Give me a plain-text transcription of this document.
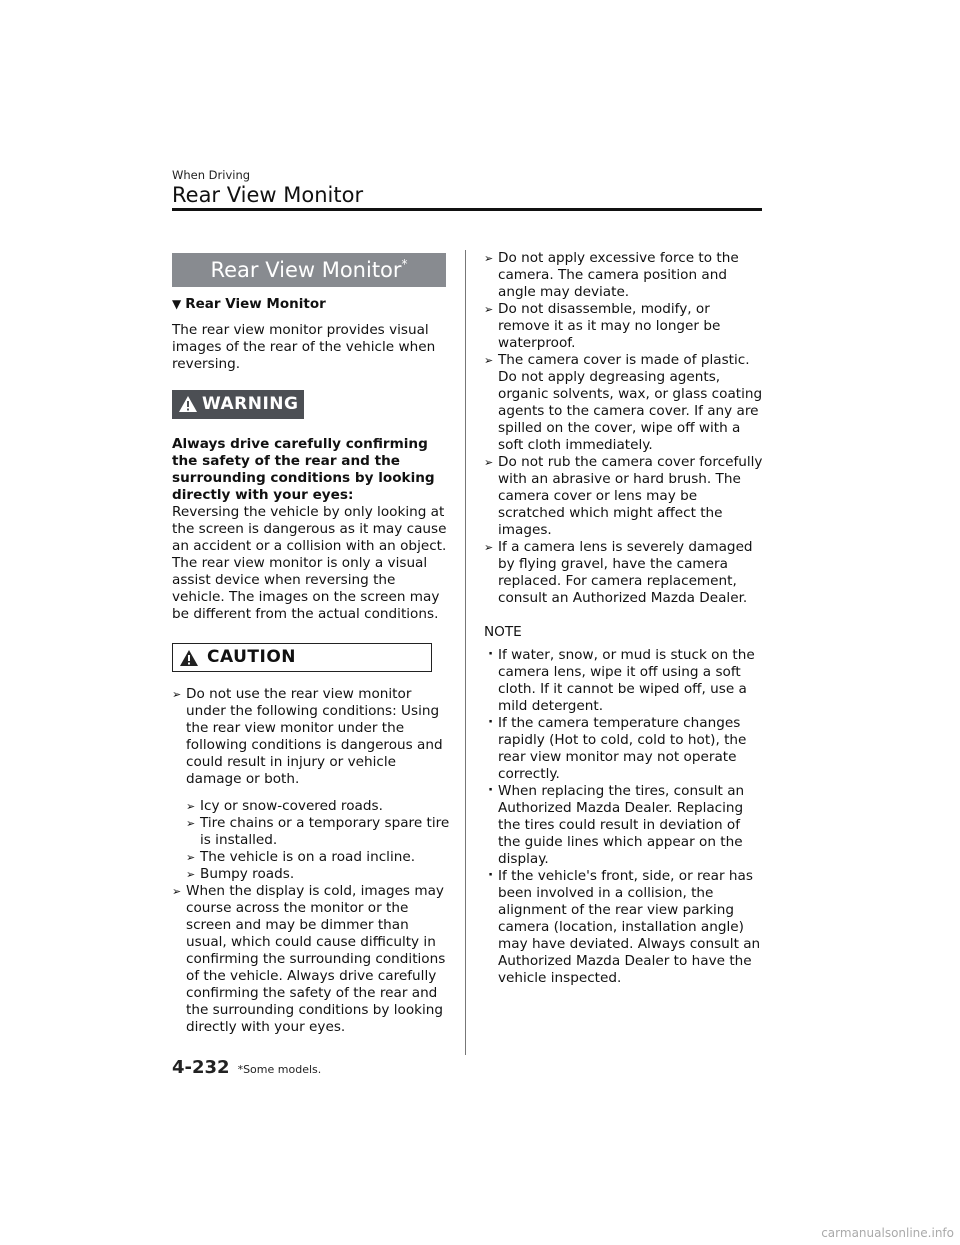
When Driving
Rear View Monitor
Rear View Monitor*
▼ Rear View Monitor

The rear view monitor provides visual images of the rear of the vehicle when reversing.

WARNING

Always drive carefully confirming the safety of the rear and the surrounding conditions by looking directly with your eyes:

Reversing the vehicle by only looking at the screen is dangerous as it may cause an accident or a collision with an object. The rear view monitor is only a visual assist device when reversing the vehicle. The images on the screen may be different from the actual conditions.

CAUTION
➢ Do not use the rear view monitor under the following conditions: Using the rear view monitor under the following conditions is dangerous and could result in injury or vehicle damage or both.
➢ Icy or snow-covered roads.
➢ Tire chains or a temporary spare tire is installed.
➢ The vehicle is on a road incline.
➢ Bumpy roads.
➢ When the display is cold, images may course across the monitor or the screen and may be dimmer than usual, which could cause difficulty in confirming the surrounding conditions of the vehicle. Always drive carefully confirming the safety of the rear and the surrounding conditions by looking directly with your eyes.
➢ Do not apply excessive force to the camera. The camera position and angle may deviate.
➢ Do not disassemble, modify, or remove it as it may no longer be waterproof.
➢ The camera cover is made of plastic. Do not apply degreasing agents, organic solvents, wax, or glass coating agents to the camera cover. If any are spilled on the cover, wipe off with a soft cloth immediately.
➢ Do not rub the camera cover forcefully with an abrasive or hard brush. The camera cover or lens may be scratched which might affect the images.
➢ If a camera lens is severely damaged by flying gravel, have the camera replaced. For camera replacement, consult an Authorized Mazda Dealer.
NOTE
· If water, snow, or mud is stuck on the camera lens, wipe it off using a soft cloth. If it cannot be wiped off, use a mild detergent.
· If the camera temperature changes rapidly (Hot to cold, cold to hot), the rear view monitor may not operate correctly.
· When replacing the tires, consult an Authorized Mazda Dealer. Replacing the tires could result in deviation of the guide lines which appear on the display.
· If the vehicle's front, side, or rear has been involved in a collision, the alignment of the rear view parking camera (location, installation angle) may have deviated. Always consult an Authorized Mazda Dealer to have the vehicle inspected.
4-232 *Some models.
carmanualsonline.info
